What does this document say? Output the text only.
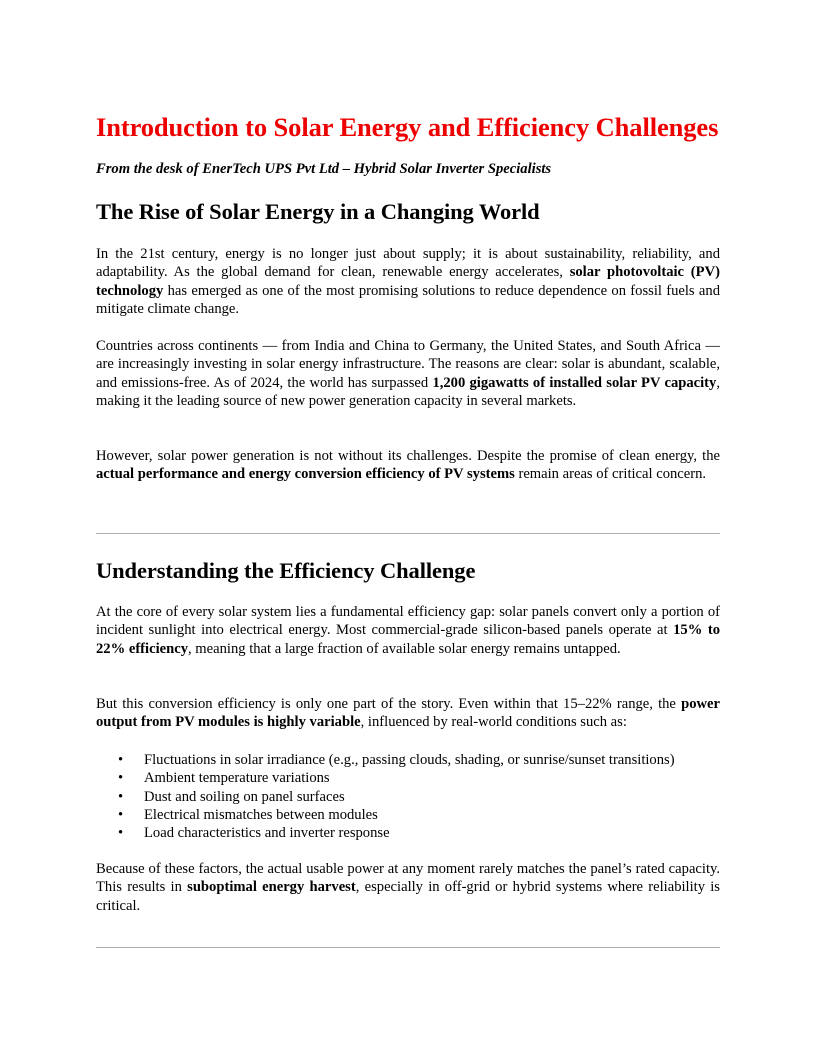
Introduction to Solar Energy and Efficiency Challenges
From the desk of EnerTech UPS Pvt Ltd – Hybrid Solar Inverter Specialists
The Rise of Solar Energy in a Changing World

In the 21st century, energy is no longer just about supply; it is about sustainability, reliability, and adaptability. As the global demand for clean, renewable energy accelerates, solar photovoltaic (PV) technology has emerged as one of the most promising solutions to reduce dependence on fossil fuels and mitigate climate change.

Countries across continents — from India and China to Germany, the United States, and South Africa — are increasingly investing in solar energy infrastructure. The reasons are clear: solar is abundant, scalable, and emissions-free. As of 2024, the world has surpassed 1,200 gigawatts of installed solar PV capacity, making it the leading source of new power generation capacity in several markets.

However, solar power generation is not without its challenges. Despite the promise of clean energy, the actual performance and energy conversion efficiency of PV systems remain areas of critical concern.

Understanding the Efficiency Challenge

At the core of every solar system lies a fundamental efficiency gap: solar panels convert only a portion of incident sunlight into electrical energy. Most commercial-grade silicon-based panels operate at 15% to 22% efficiency, meaning that a large fraction of available solar energy remains untapped.

But this conversion efficiency is only one part of the story. Even within that 15–22% range, the power output from PV modules is highly variable, influenced by real-world conditions such as:

• Fluctuations in solar irradiance (e.g., passing clouds, shading, or sunrise/sunset transitions)
• Ambient temperature variations
• Dust and soiling on panel surfaces
• Electrical mismatches between modules
• Load characteristics and inverter response

Because of these factors, the actual usable power at any moment rarely matches the panel’s rated capacity. This results in suboptimal energy harvest, especially in off-grid or hybrid systems where reliability is critical.
